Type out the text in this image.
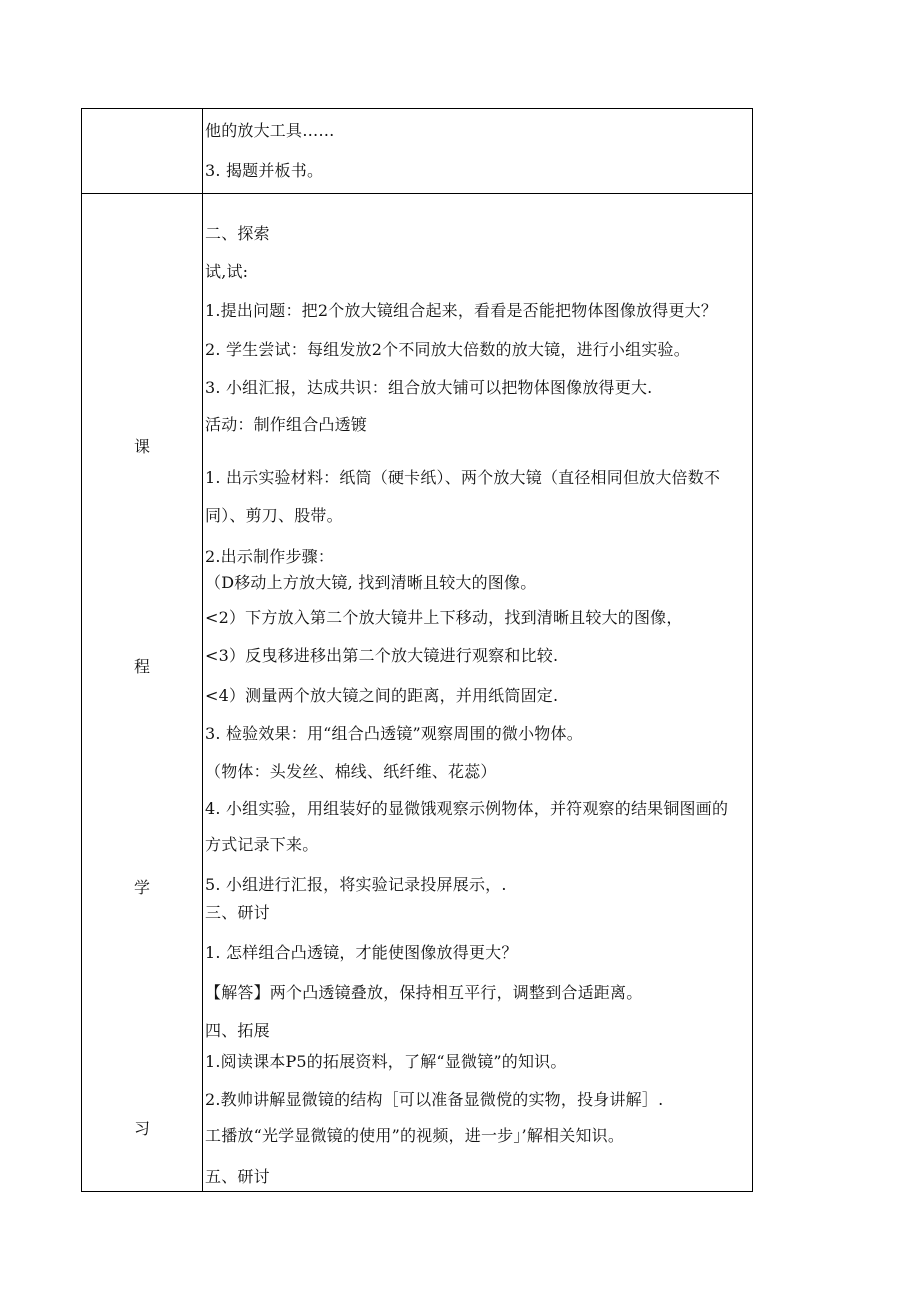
他的放大工具……
3. 揭题并板书。
课
程
学
习
二、探索
试,试:
1.提出问题：把2个放大镜组合起来，看看是否能把物体图像放得更大？
2. 学生尝试：每组发放2个不同放大倍数的放大镜，进行小组实验。
3. 小组汇报，达成共识：组合放大铺可以把物体图像放得更大.
活动：制作组合凸透镀
1. 出示实验材料：纸筒（硬卡纸）、两个放大镜（直径相同但放大倍数不
同）、剪刀、股带。
2.出示制作步骤：
（D移动上方放大镜, 找到清晰且较大的图像。
<2）下方放入第二个放大镜井上下移动，找到清晰且较大的图像，
<3）反曳移进移出第二个放大镜进行观察和比较.
<4）测量两个放大镜之间的距离，并用纸筒固定.
3. 检验效果：用“组合凸透镜”观察周围的微小物体。
（物体：头发丝、棉线、纸纤维、花蕊）
4. 小组实验，用组装好的显微饿观察示例物体，并符观察的结果铜图画的
方式记录下来。
5. 小组进行汇报，将实验记录投屏展示，.
三、研讨
1. 怎样组合凸透镜，才能使图像放得更大？
【解答】两个凸透镜叠放，保持相互平行，调整到合适距离。
四、拓展
1.阅读课本P5的拓展资料，了解“显微镜”的知识。
2.教帅讲解显微镜的结构［可以准备显微傥的实物，投身讲解］.
工播放“光学显微镜的使用”的视频，进一步」’解相关知识。
五、研讨
